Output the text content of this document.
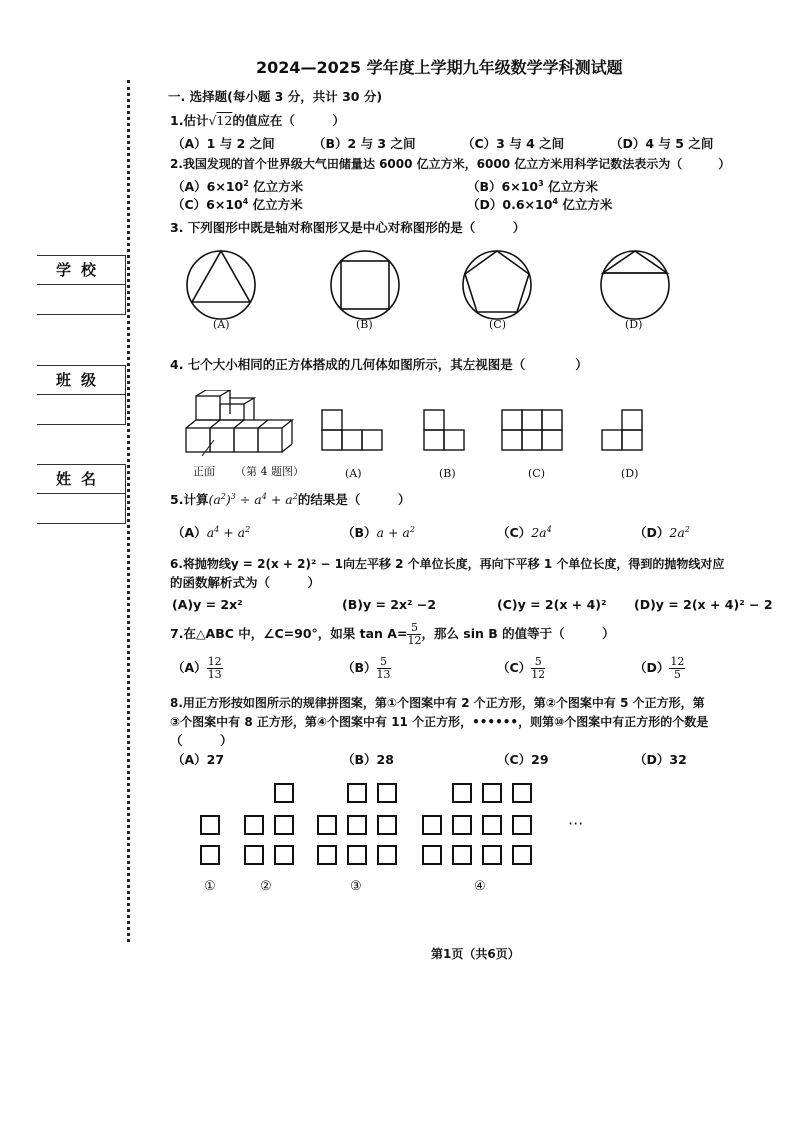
学校
班级
姓名
2024—2025 学年度上学期九年级数学学科测试题
一. 选择题(每小题 3 分，共计 30 分)
1.估计√12的值应在（　　　）
（A）1 与 2 之间	（B）2 与 3 之间	（C）3 与 4 之间	（D）4 与 5 之间
2.我国发现的首个世界级大气田储量达 6000 亿立方米，6000 亿立方米用科学记数法表示为（　　　）
$(A)6\times 10^2$ 亿立方米	$(B)6\times 10^3$ 亿立方米
$(C)6\times 10^4$ 亿立方米	$(D)0.6\times 10^4$ 亿立方米
3. 下列图形中既是轴对称图形又是中心对称图形的是（　　　）
(A)	(B)	(C)	(D)
4. 七个大小相同的正方体搭成的几何体如图所示，其左视图是（　　　　）
正面 （第 4 题图）	(A)	(B)	(C)	(D)
5.计算$(a^2)^3 \div a^4 + a^2$的结果是（　　　）
$(A)a^4 + a^2$	$(B)a + a^2$	$(C)2a^4$	$(D)2a^2$
6.将抛物线y = 2(x + 2)² − 1向左平移 2 个单位长度，再向下平移 1 个单位长度，得到的抛物线对应
的函数解析式为（　　　）
(A)y = 2x²	(B)y = 2x² −2	(C)y = 2(x + 4)² (D)y = 2(x + 4)² − 2
7.在△ABC 中，∠C=90°，如果 $\tan A= \frac{5}{12}$ ，那么 sin B 的值等于（　　　）
$(A) \frac{12}{13}$	$(B) \frac{5}{13}$	$(C) \frac{5}{12}$	$(D) \frac{12}{5}$
8.用正方形按如图所示的规律拼图案，第①个图案中有 2 个正方形，第②个图案中有 5 个正方形，第
③个图案中有 8 正方形，第④个图案中有 11 个正方形，••••••，则第⑩个图案中有正方形的个数是
（　　　）
（A）27	（B）28	（C）29	（D）32
···
①	②	③	④
第1页（共6页）
